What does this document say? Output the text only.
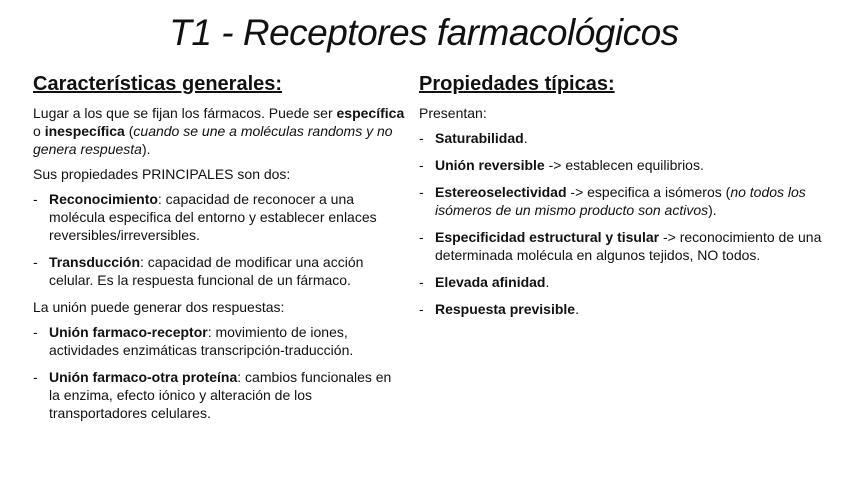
T1 - Receptores farmacológicos
Características generales:

Lugar a los que se fijan los fármacos. Puede ser específica o inespecífica (cuando se une a moléculas randoms y no genera respuesta).

Sus propiedades PRINCIPALES son dos:

- Reconocimiento: capacidad de reconocer a una molécula especifica del entorno y establecer enlaces reversibles/irreversibles.
- Transducción: capacidad de modificar una acción celular. Es la respuesta funcional de un fármaco.

La unión puede generar dos respuestas:

- Unión farmaco-receptor: movimiento de iones, actividades enzimáticas transcripción-traducción.
- Unión farmaco-otra proteína: cambios funcionales en la enzima, efecto iónico y alteración de los transportadores celulares.
Propiedades típicas:

Presentan:

- Saturabilidad.
- Unión reversible -> establecen equilibrios.
- Estereoselectividad -> especifica a isómeros (no todos los isómeros de un mismo producto son activos).
- Especificidad estructural y tisular -> reconocimiento de una determinada molécula en algunos tejidos, NO todos.
- Elevada afinidad.
- Respuesta previsible.
